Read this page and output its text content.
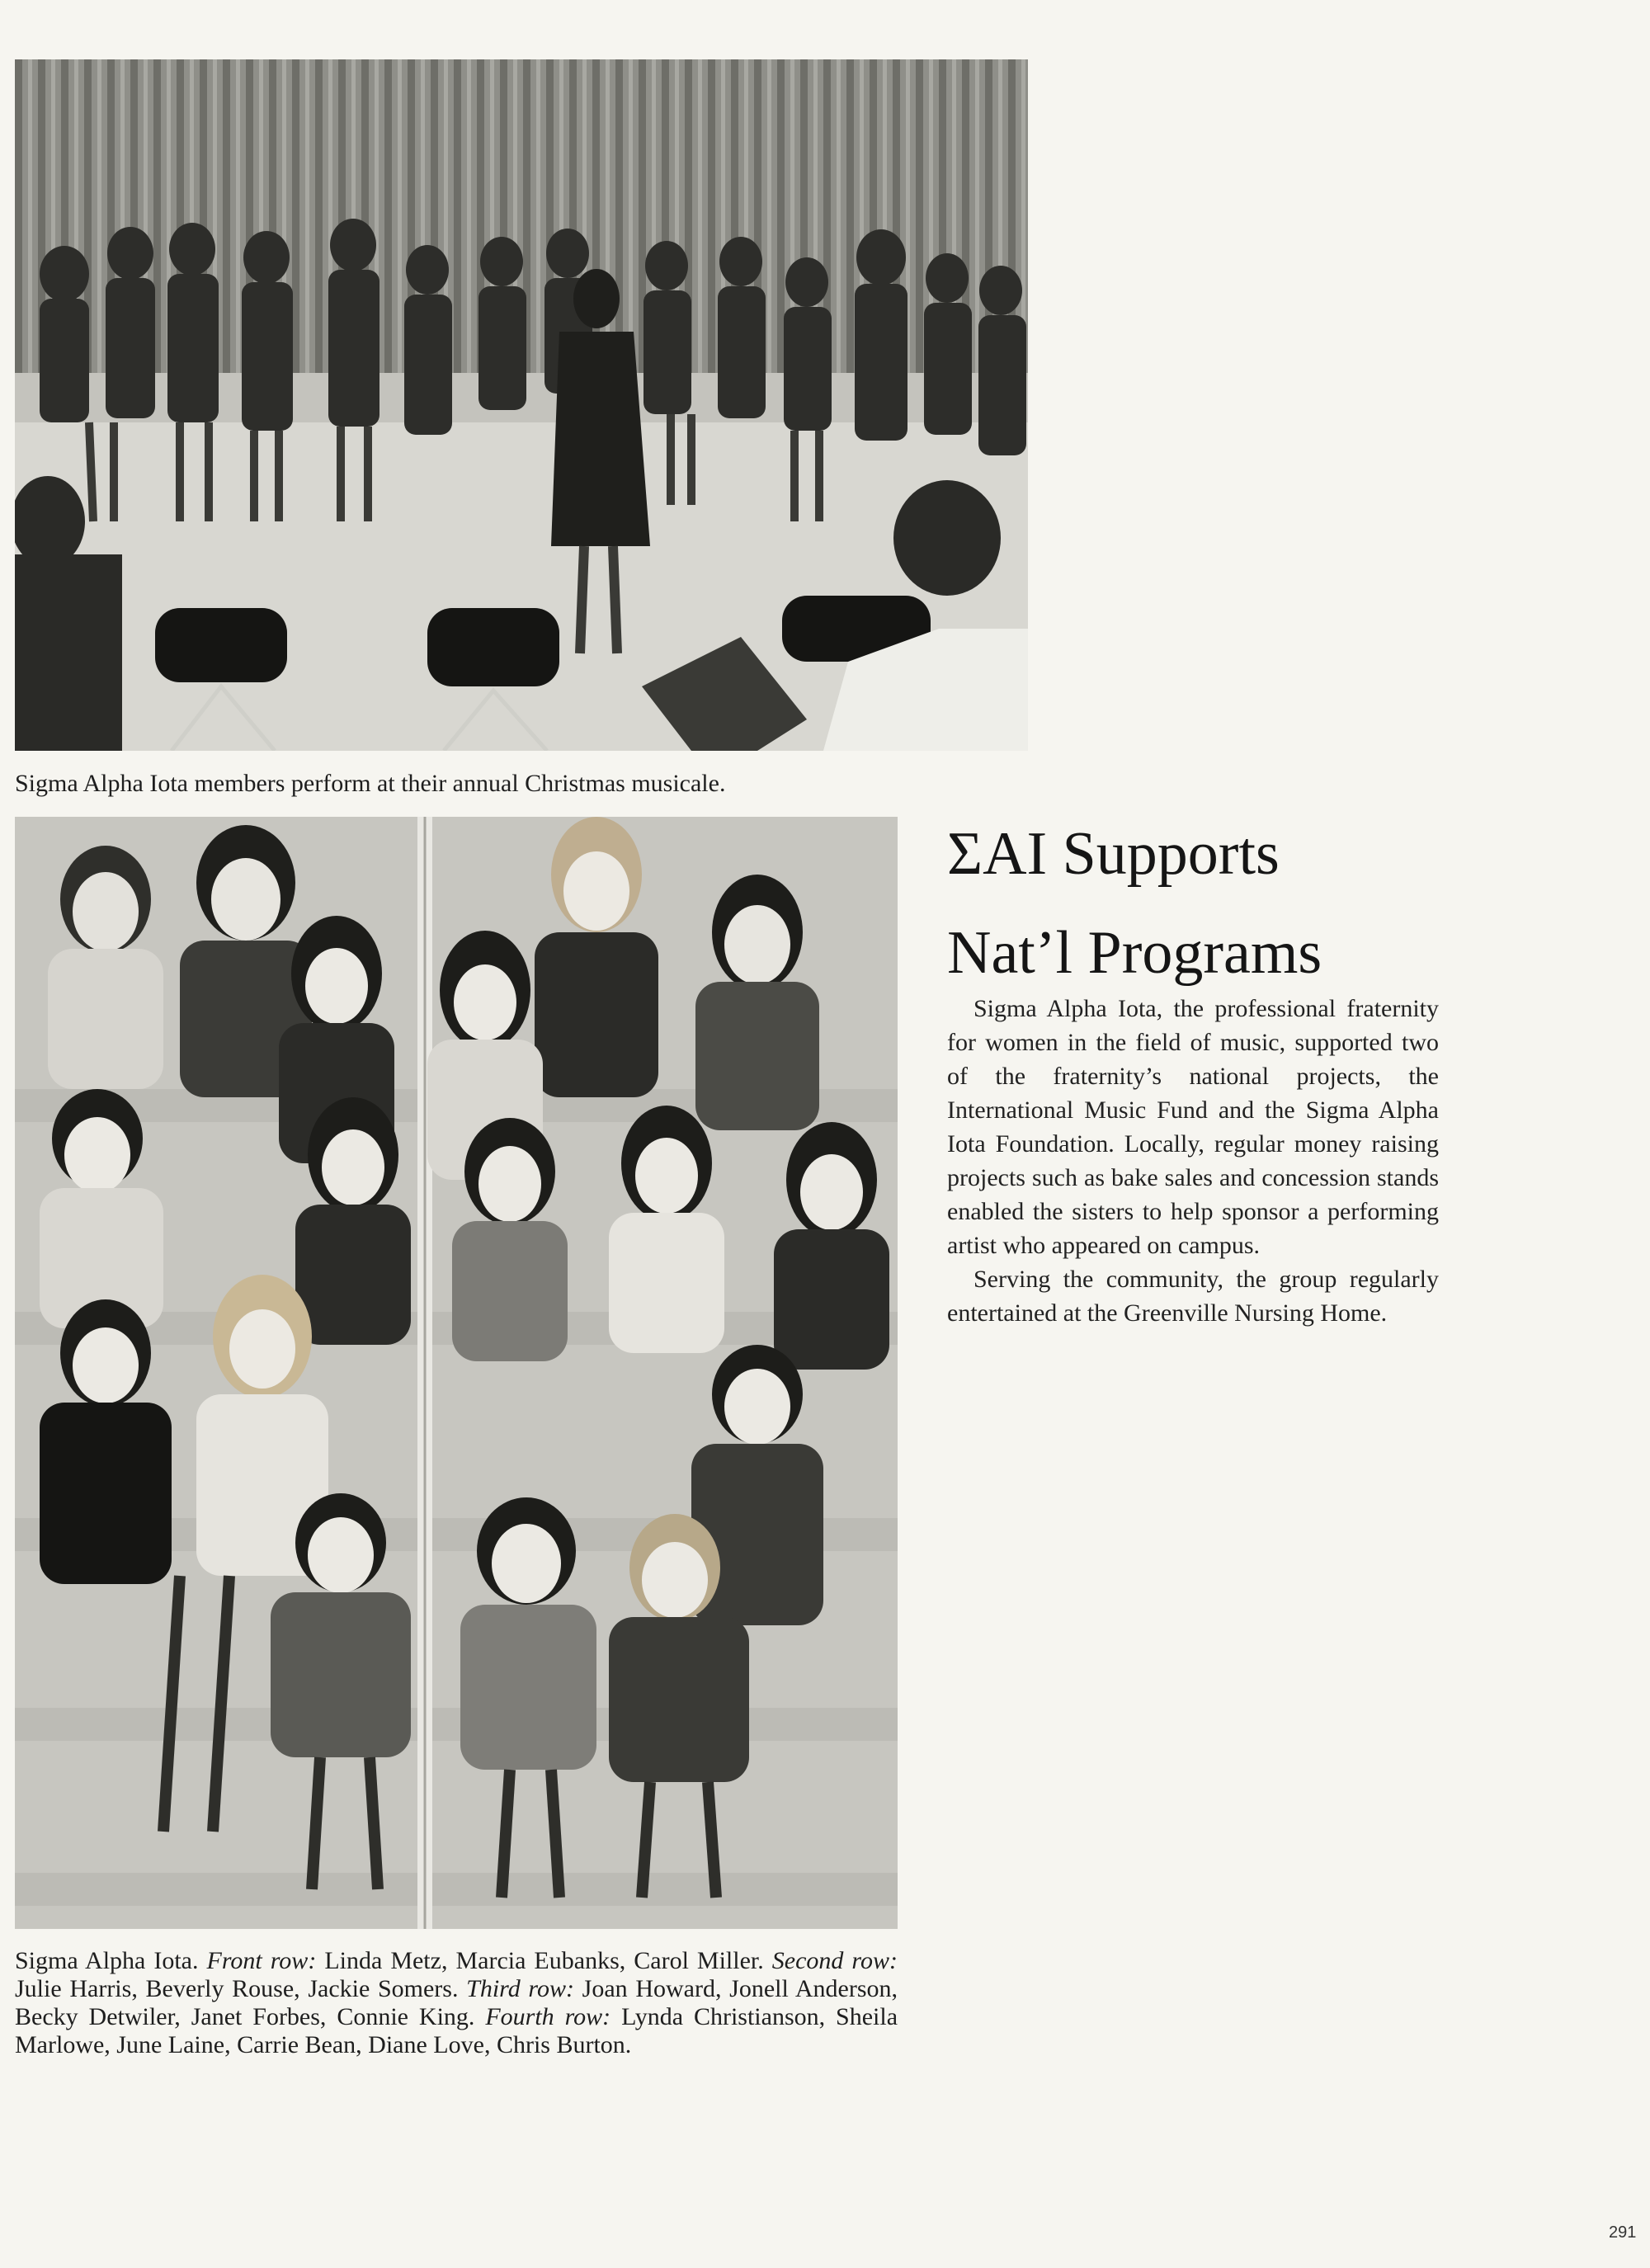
Sigma Alpha Iota members perform at their annual Christmas musicale.

Sigma Alpha Iota. Front row: Linda Metz, Marcia Eubanks, Carol Miller. Second row: Julie Harris, Beverly Rouse, Jackie Somers. Third row: Joan Howard, Jonell Anderson, Becky Detwiler, Janet Forbes, Connie King. Fourth row: Lynda Christianson, Sheila Marlowe, June Laine, Carrie Bean, Diane Love, Chris Burton.

ΣAI Supports
Nat’l Programs

Sigma Alpha Iota, the professional fraternity for women in the field of music, supported two of the fraternity’s national projects, the International Music Fund and the Sigma Alpha Iota Foundation. Locally, regular money raising projects such as bake sales and concession stands enabled the sisters to help sponsor a performing artist who appeared on campus.

Serving the community, the group regularly entertained at the Greenville Nursing Home.

291
